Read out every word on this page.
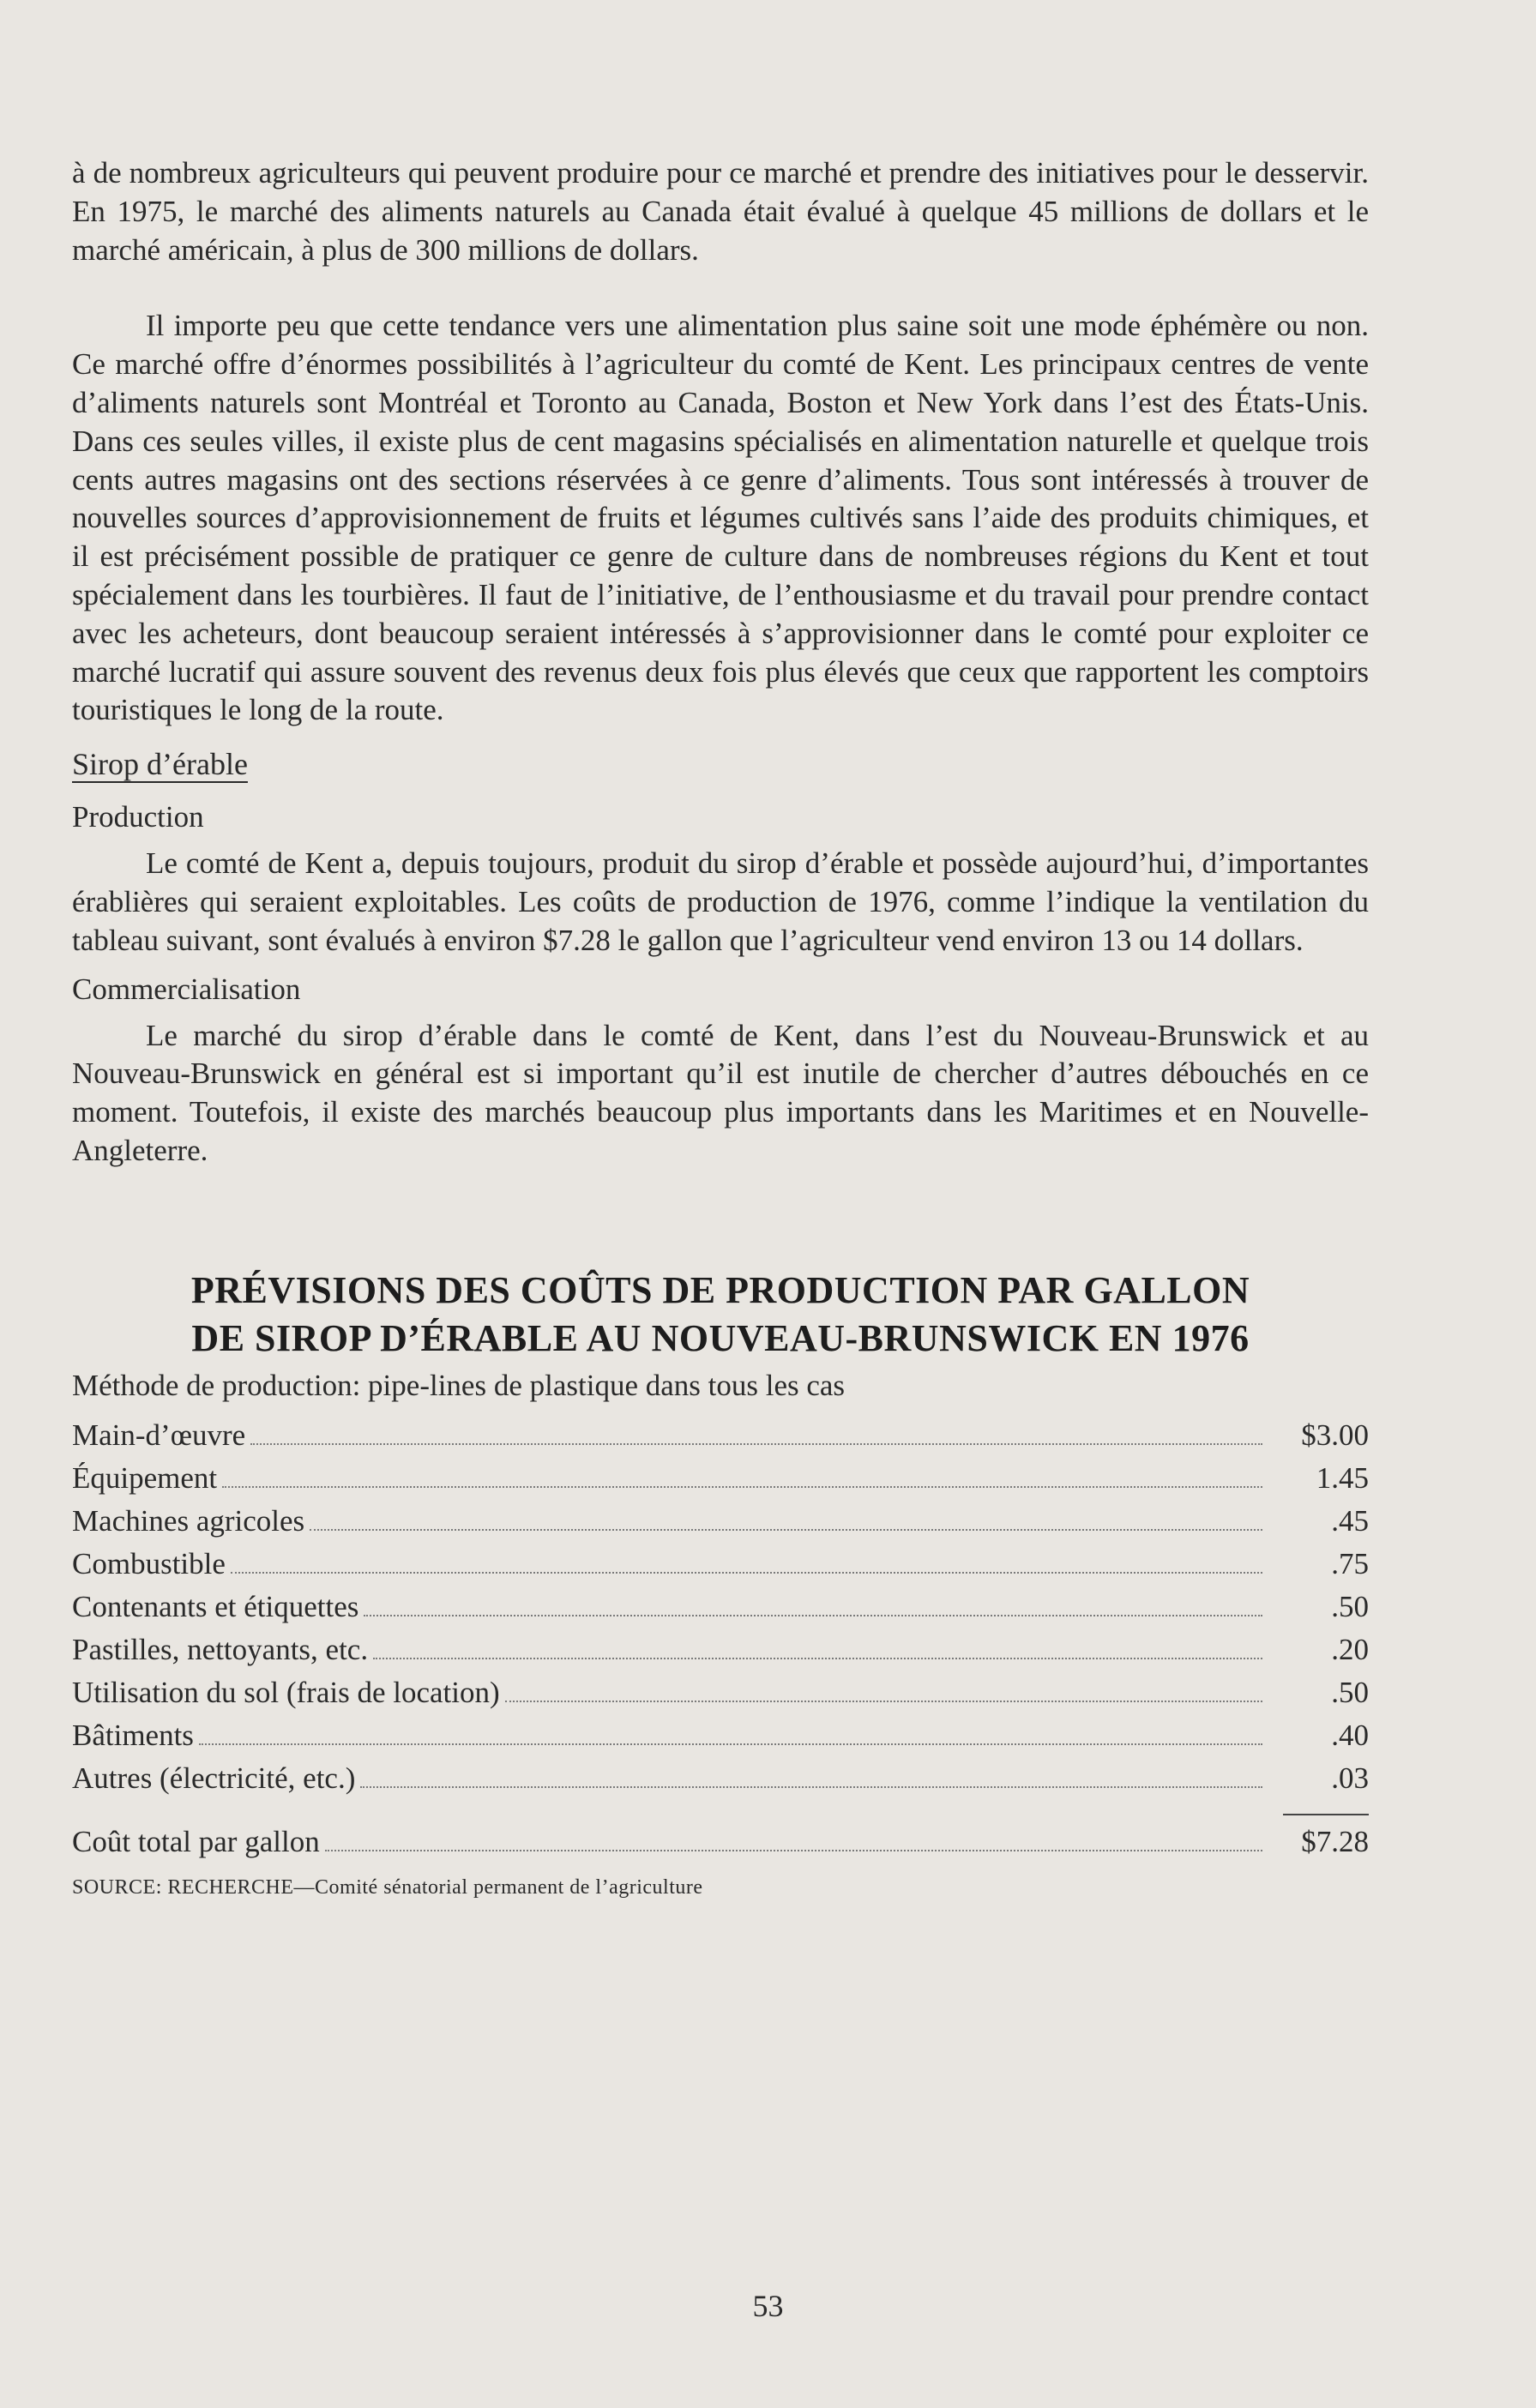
à de nombreux agriculteurs qui peuvent produire pour ce marché et prendre des initiatives pour le desservir. En 1975, le marché des aliments naturels au Canada était évalué à quelque 45 millions de dollars et le marché américain, à plus de 300 millions de dollars.

Il importe peu que cette tendance vers une alimentation plus saine soit une mode éphémère ou non. Ce marché offre d’énormes possibilités à l’agriculteur du comté de Kent. Les principaux centres de vente d’aliments naturels sont Montréal et Toronto au Canada, Boston et New York dans l’est des États-Unis. Dans ces seules villes, il existe plus de cent magasins spécialisés en alimentation naturelle et quelque trois cents autres magasins ont des sections réservées à ce genre d’aliments. Tous sont intéressés à trouver de nouvelles sources d’approvisionnement de fruits et légumes cultivés sans l’aide des produits chimiques, et il est précisément possible de pratiquer ce genre de culture dans de nombreuses régions du Kent et tout spécialement dans les tourbières. Il faut de l’initiative, de l’enthousiasme et du travail pour prendre contact avec les acheteurs, dont beaucoup seraient intéressés à s’approvisionner dans le comté pour exploiter ce marché lucratif qui assure souvent des revenus deux fois plus élevés que ceux que rapportent les comptoirs touristiques le long de la route.

Sirop d’érable
Production

Le comté de Kent a, depuis toujours, produit du sirop d’érable et possède aujourd’hui, d’importantes érablières qui seraient exploitables. Les coûts de production de 1976, comme l’indique la ventilation du tableau suivant, sont évalués à environ $7.28 le gallon que l’agriculteur vend environ 13 ou 14 dollars.

Commercialisation

Le marché du sirop d’érable dans le comté de Kent, dans l’est du Nouveau-Brunswick et au Nouveau-Brunswick en général est si important qu’il est inutile de chercher d’autres débouchés en ce moment. Toutefois, il existe des marchés beaucoup plus importants dans les Maritimes et en Nouvelle-Angleterre.

PRÉVISIONS DES COÛTS DE PRODUCTION PAR GALLON
DE SIROP D’ÉRABLE AU NOUVEAU-BRUNSWICK EN 1976
Méthode de production: pipe-lines de plastique dans tous les cas
Main-d’œuvre	$3.00
Équipement	1.45
Machines agricoles	.45
Combustible	.75
Contenants et étiquettes	.50
Pastilles, nettoyants, etc.	.20
Utilisation du sol (frais de location)	.50
Bâtiments	.40
Autres (électricité, etc.)	.03
Coût total par gallon	$7.28
SOURCE: RECHERCHE—Comité sénatorial permanent de l’agriculture
53
